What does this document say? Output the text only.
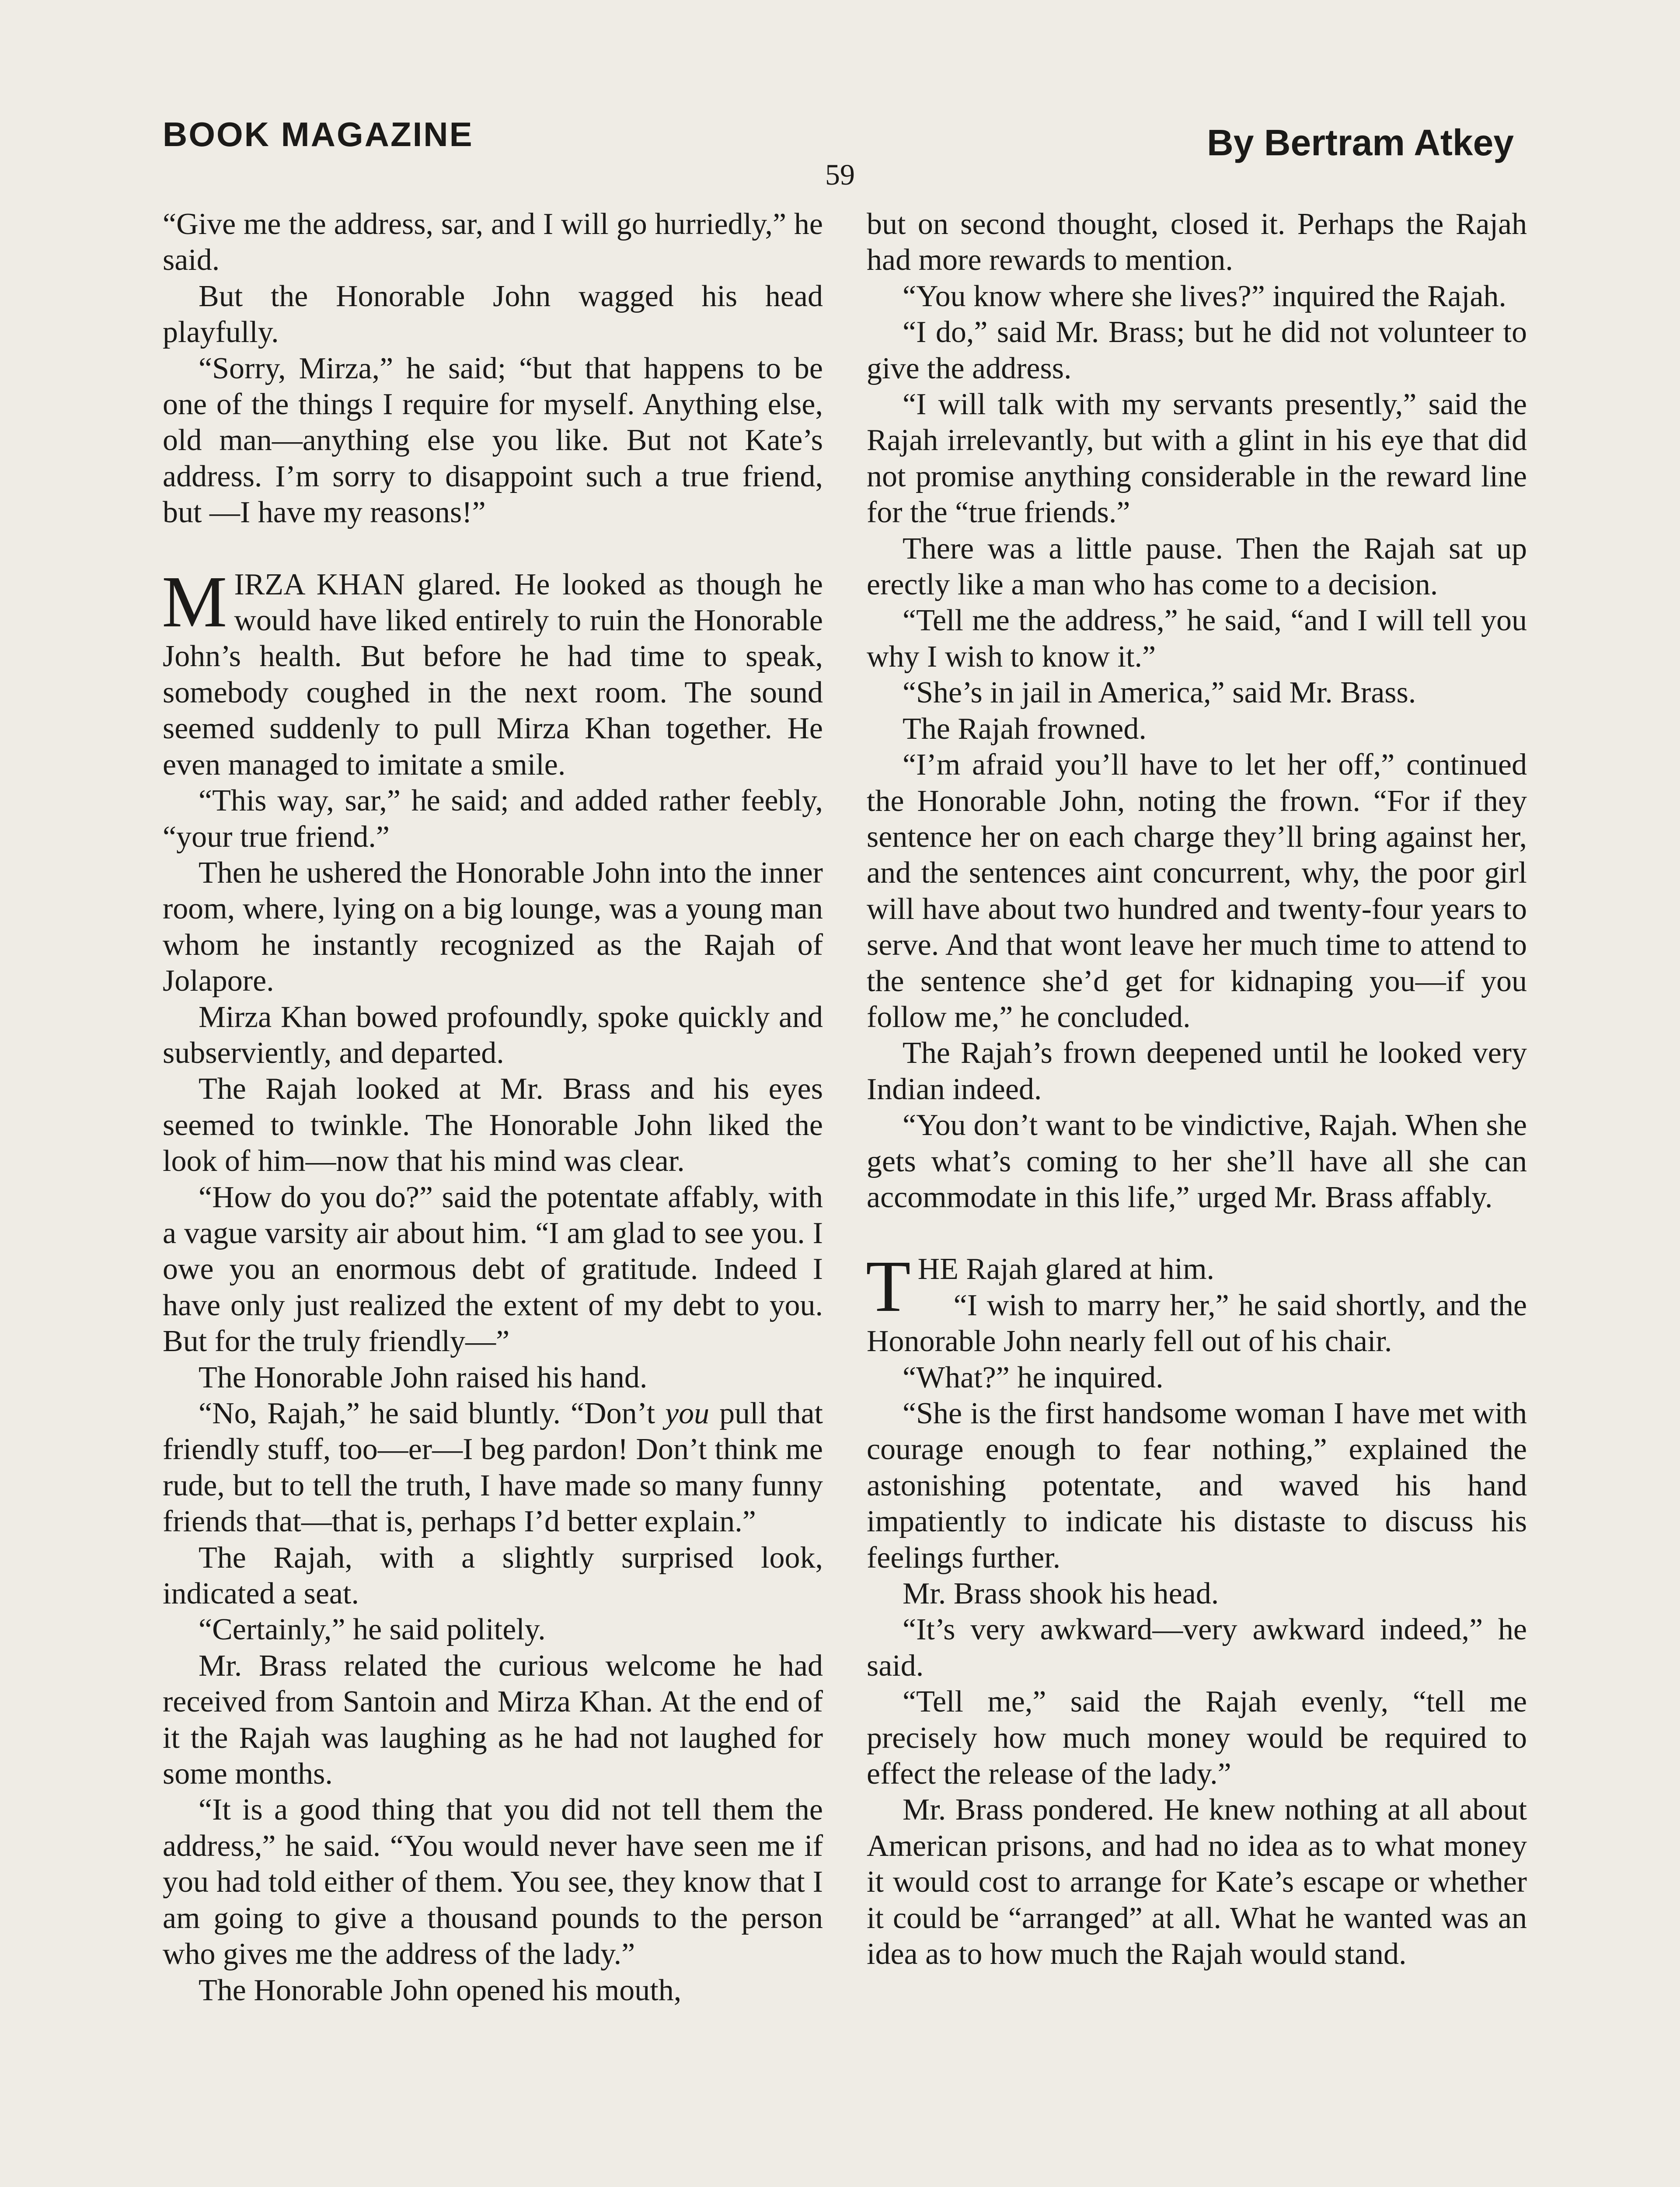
BOOK MAGAZINE	By Bertram Atkey
59

“Give me the address, sar, and I will go hurriedly,” he said.

But the Honorable John wagged his head playfully.

“Sorry, Mirza,” he said; “but that happens to be one of the things I require for myself. Anything else, old man—anything else you like. But not Kate’s address. I’m sorry to disappoint such a true friend, but —I have my reasons!”

MIRZA KHAN glared. He looked as though he would have liked entirely to ruin the Honorable John’s health. But before he had time to speak, somebody coughed in the next room. The sound seemed suddenly to pull Mirza Khan together. He even managed to imitate a smile.

“This way, sar,” he said; and added rather feebly, “your true friend.”

Then he ushered the Honorable John into the inner room, where, lying on a big lounge, was a young man whom he instantly recognized as the Rajah of Jolapore.

Mirza Khan bowed profoundly, spoke quickly and subserviently, and departed.

The Rajah looked at Mr. Brass and his eyes seemed to twinkle. The Honorable John liked the look of him—now that his mind was clear.

“How do you do?” said the potentate affably, with a vague varsity air about him. “I am glad to see you. I owe you an enormous debt of gratitude. Indeed I have only just realized the extent of my debt to you. But for the truly friendly—”

The Honorable John raised his hand.

“No, Rajah,” he said bluntly. “Don’t you pull that friendly stuff, too—er—I beg pardon! Don’t think me rude, but to tell the truth, I have made so many funny friends that—that is, perhaps I’d better explain.”

The Rajah, with a slightly surprised look, indicated a seat.

“Certainly,” he said politely.

Mr. Brass related the curious welcome he had received from Santoin and Mirza Khan. At the end of it the Rajah was laughing as he had not laughed for some months.

“It is a good thing that you did not tell them the address,” he said. “You would never have seen me if you had told either of them. You see, they know that I am going to give a thousand pounds to the person who gives me the address of the lady.”

The Honorable John opened his mouth,

but on second thought, closed it. Perhaps the Rajah had more rewards to mention.

“You know where she lives?” inquired the Rajah.

“I do,” said Mr. Brass; but he did not volunteer to give the address.

“I will talk with my servants presently,” said the Rajah irrelevantly, but with a glint in his eye that did not promise anything considerable in the reward line for the “true friends.”

There was a little pause. Then the Rajah sat up erectly like a man who has come to a decision.

“Tell me the address,” he said, “and I will tell you why I wish to know it.”

“She’s in jail in America,” said Mr. Brass.

The Rajah frowned.

“I’m afraid you’ll have to let her off,” continued the Honorable John, noting the frown. “For if they sentence her on each charge they’ll bring against her, and the sentences aint concurrent, why, the poor girl will have about two hundred and twenty-four years to serve. And that wont leave her much time to attend to the sentence she’d get for kidnaping you—if you follow me,” he concluded.

The Rajah’s frown deepened until he looked very Indian indeed.

“You don’t want to be vindictive, Rajah. When she gets what’s coming to her she’ll have all she can accommodate in this life,” urged Mr. Brass affably.

THE Rajah glared at him.

“I wish to marry her,” he said shortly, and the Honorable John nearly fell out of his chair.

“What?” he inquired.

“She is the first handsome woman I have met with courage enough to fear nothing,” explained the astonishing potentate, and waved his hand impatiently to indicate his distaste to discuss his feelings further.

Mr. Brass shook his head.

“It’s very awkward—very awkward indeed,” he said.

“Tell me,” said the Rajah evenly, “tell me precisely how much money would be required to effect the release of the lady.”

Mr. Brass pondered. He knew nothing at all about American prisons, and had no idea as to what money it would cost to arrange for Kate’s escape or whether it could be “arranged” at all. What he wanted was an idea as to how much the Rajah would stand.
